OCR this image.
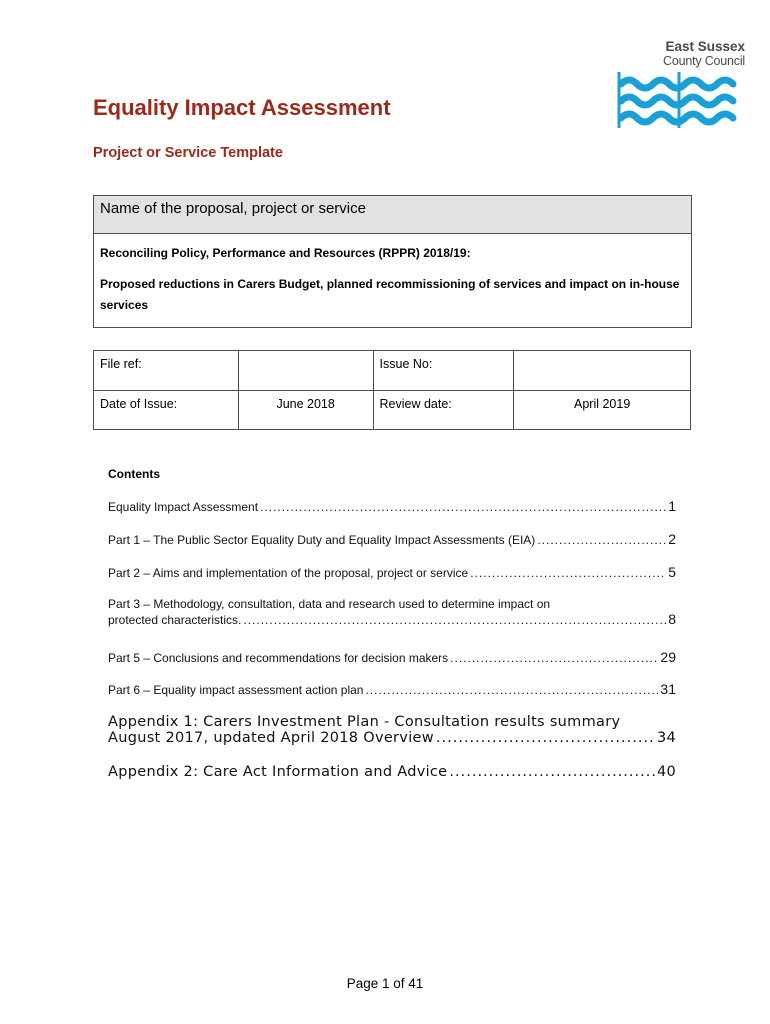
East Sussex
County Council
Equality Impact Assessment
Project or Service Template
Name of the proposal, project or service

Reconciling Policy, Performance and Resources (RPPR) 2018/19:

Proposed reductions in Carers Budget, planned recommissioning of services and impact on in-house services

File ref:		Issue No:	
Date of Issue:	June 2018	Review date:	April 2019
Contents
Equality Impact Assessment .....	1
Part 1 – The Public Sector Equality Duty and Equality Impact Assessments (EIA) .....	2
Part 2 – Aims and implementation of the proposal, project or service .....	5
Part 3 – Methodology, consultation, data and research used to determine impact on
protected characteristics. .....	8
Part 5 – Conclusions and recommendations for decision makers .....	29
Part 6 – Equality impact assessment action plan .....	31
Appendix 1: Carers Investment Plan - Consultation results summary
August 2017, updated April 2018 Overview .....	34
Appendix 2: Care Act Information and Advice .....	40
Page 1 of 41
